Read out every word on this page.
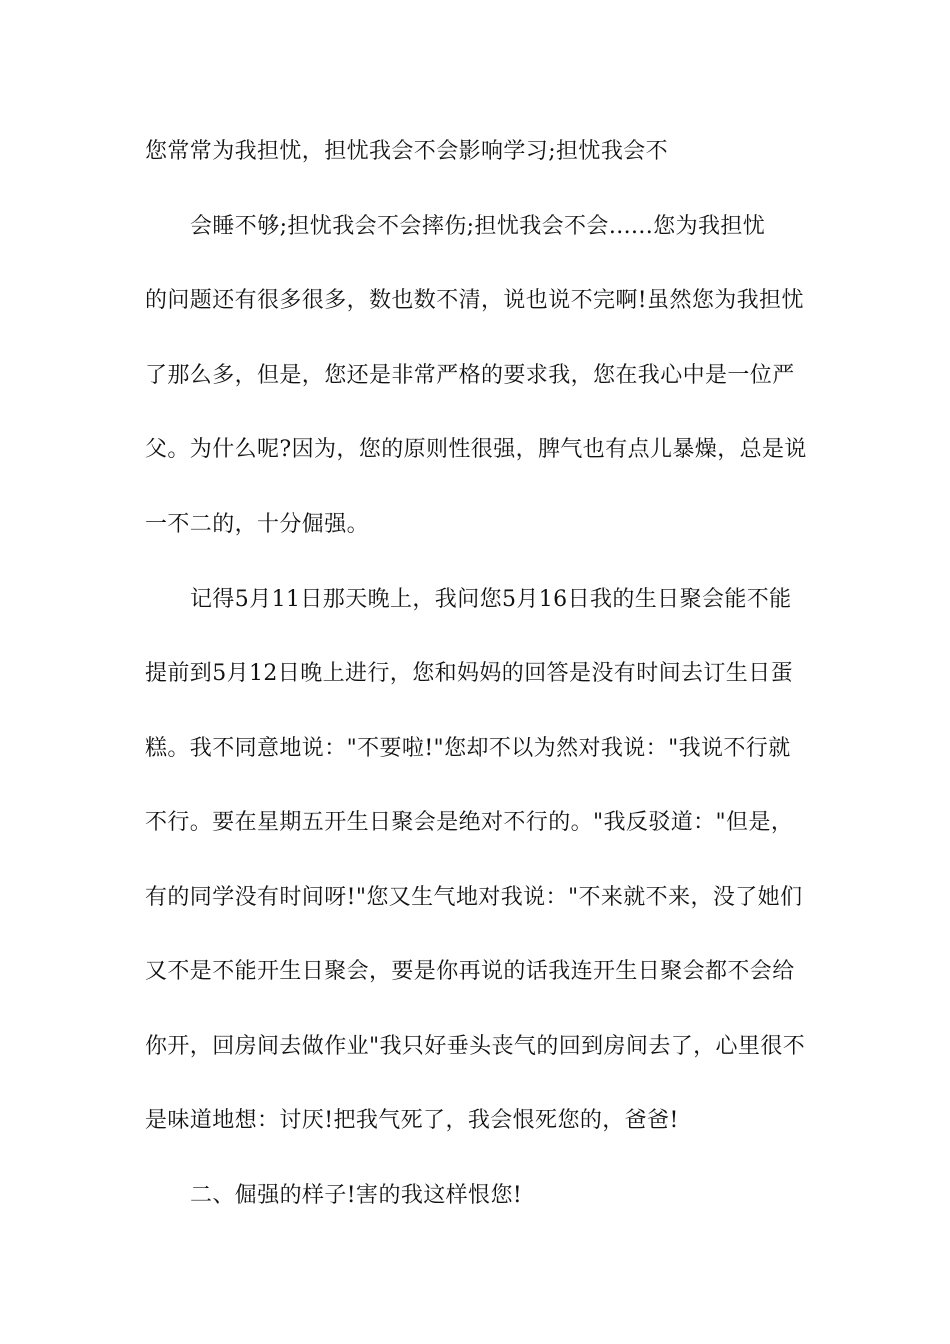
您常常为我担忧，担忧我会不会影响学习;担忧我会不

会睡不够;担忧我会不会摔伤;担忧我会不会......您为我担忧

的问题还有很多很多，数也数不清，说也说不完啊!虽然您为我担忧

了那么多，但是，您还是非常严格的要求我，您在我心中是一位严

父。为什么呢?因为，您的原则性很强，脾气也有点儿暴燥，总是说

一不二的，十分倔强。

记得5月11日那天晚上，我问您5月16日我的生日聚会能不能

提前到5月12日晚上进行，您和妈妈的回答是没有时间去订生日蛋

糕。我不同意地说："不要啦!"您却不以为然对我说："我说不行就

不行。要在星期五开生日聚会是绝对不行的。"我反驳道："但是，

有的同学没有时间呀!"您又生气地对我说："不来就不来，没了她们

又不是不能开生日聚会，要是你再说的话我连开生日聚会都不会给

你开，回房间去做作业"我只好垂头丧气的回到房间去了，心里很不

是味道地想：讨厌!把我气死了，我会恨死您的，爸爸!

二、倔强的样子!害的我这样恨您!
